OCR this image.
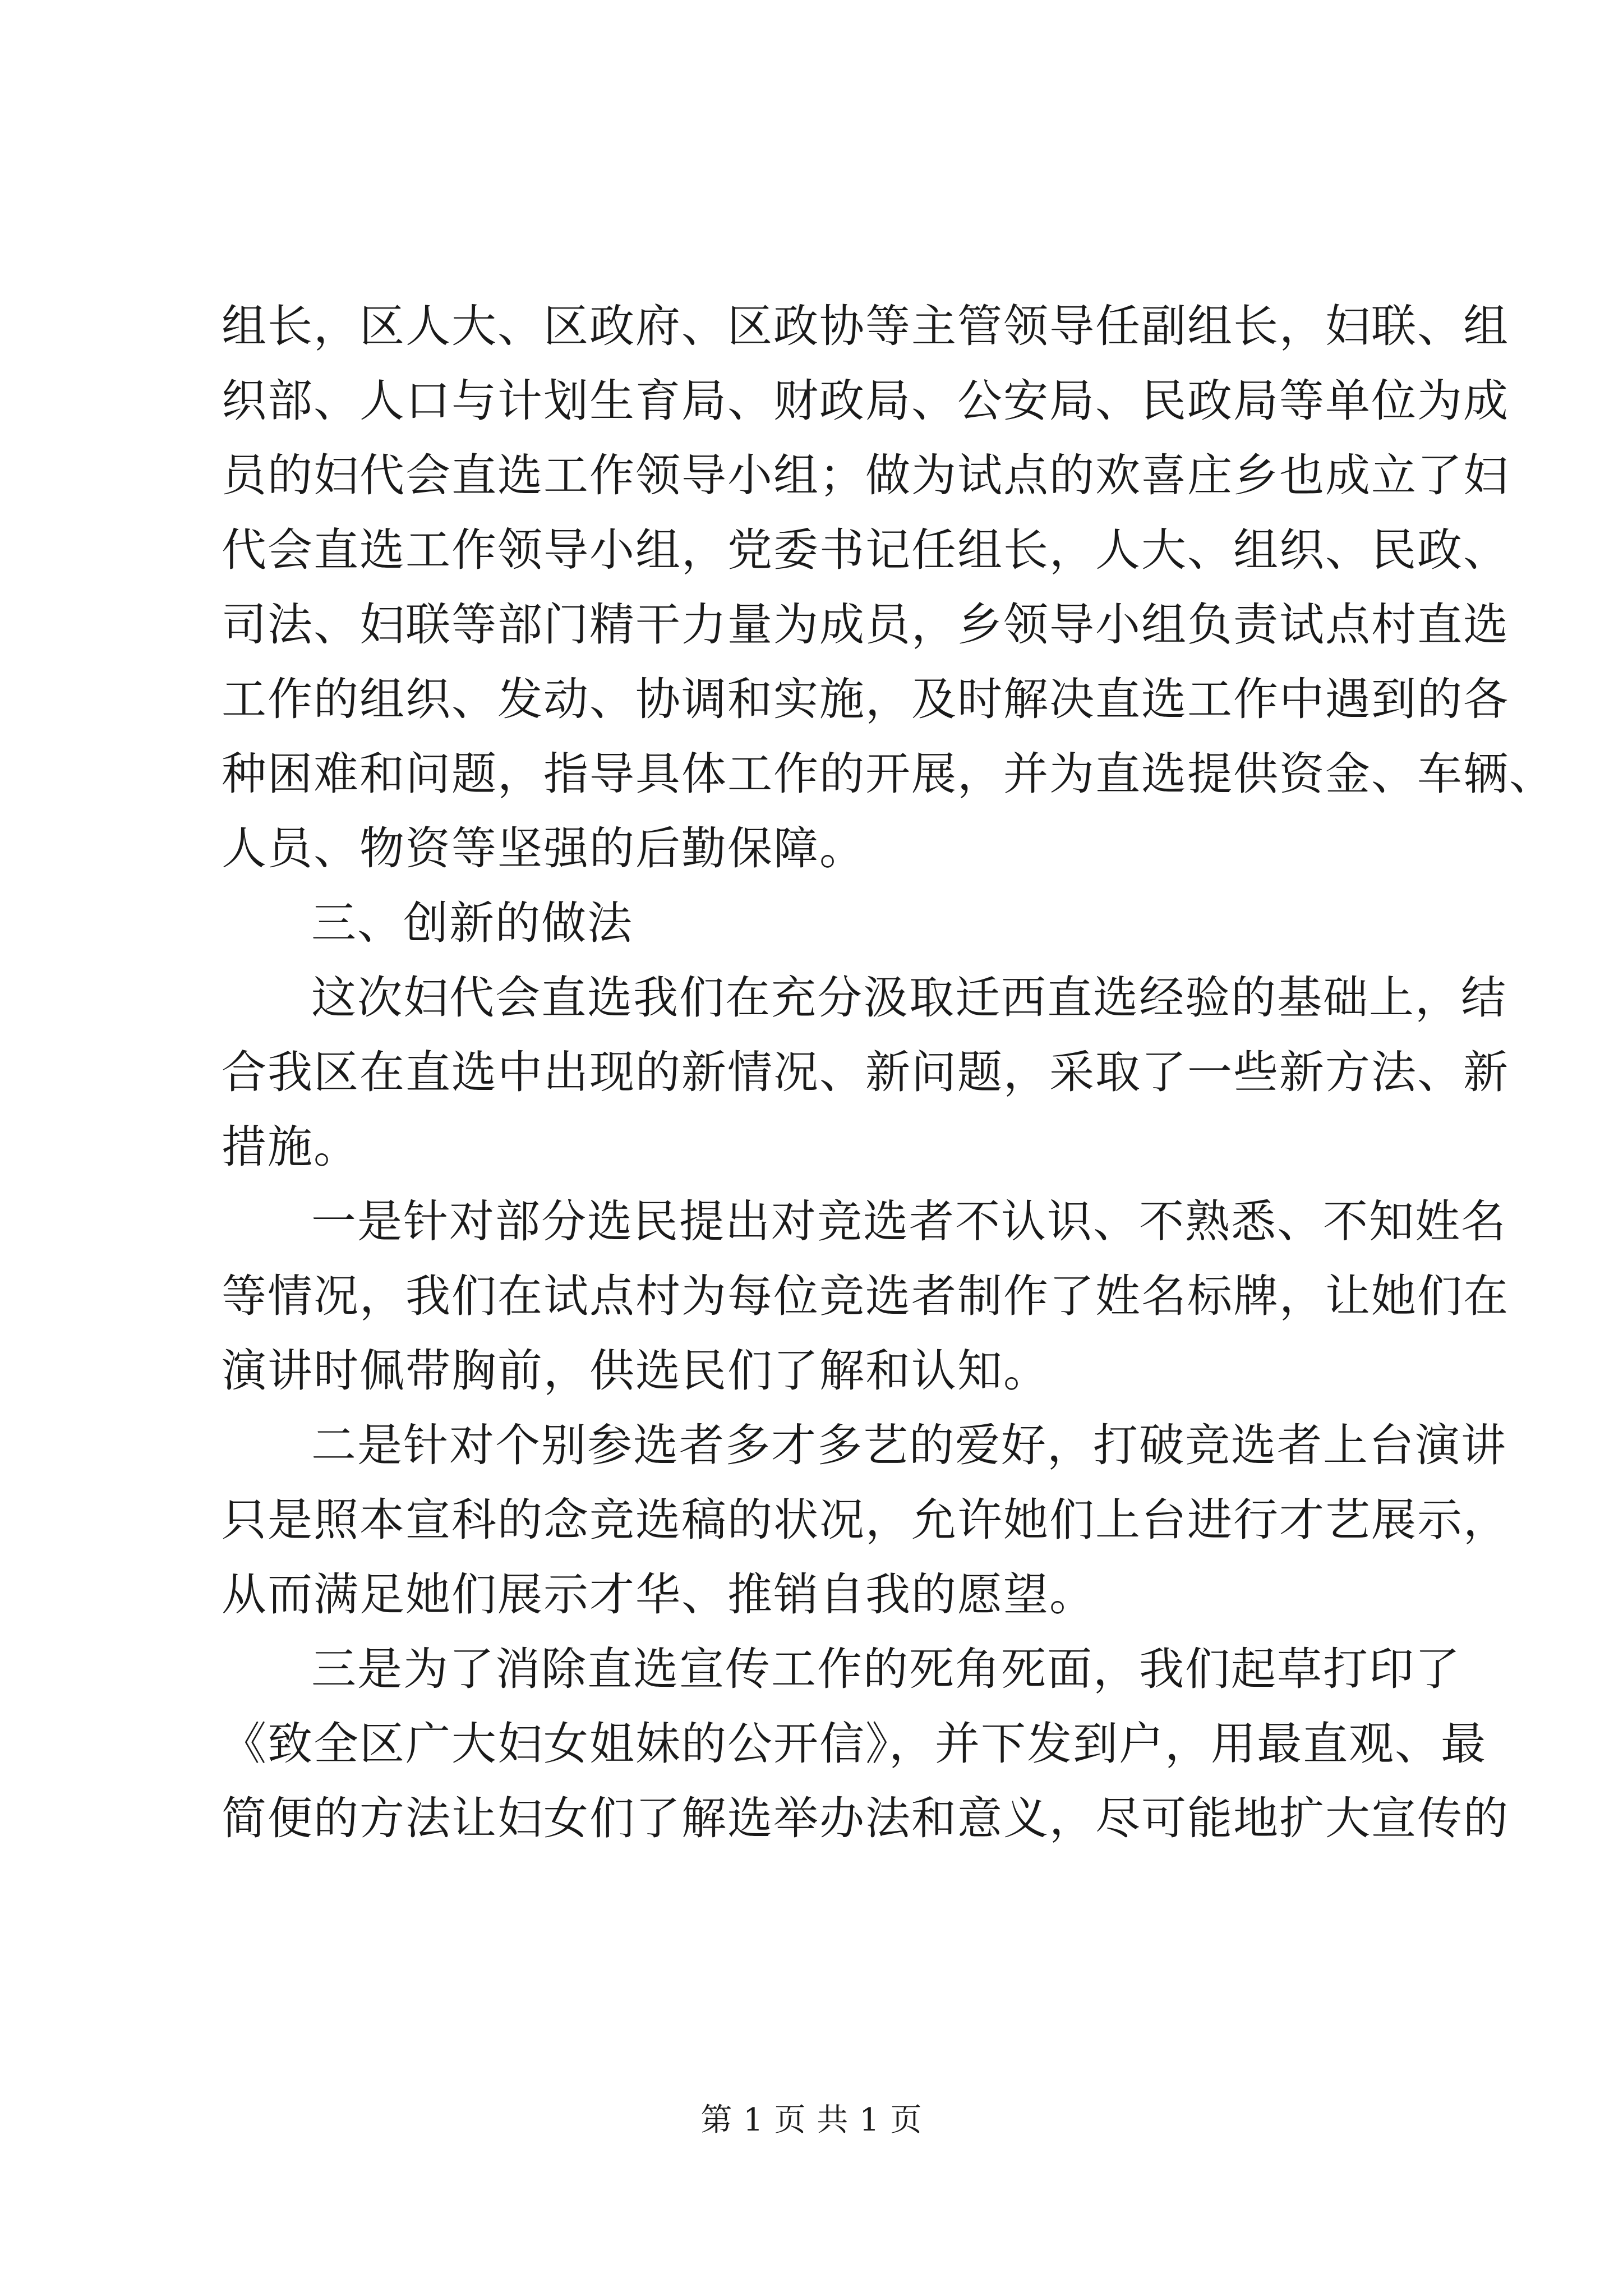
组长，区人大、区政府、区政协等主管领导任副组长，妇联、组
织部、人口与计划生育局、财政局、公安局、民政局等单位为成
员的妇代会直选工作领导小组；做为试点的欢喜庄乡也成立了妇
代会直选工作领导小组，党委书记任组长，人大、组织、民政、
司法、妇联等部门精干力量为成员，乡领导小组负责试点村直选
工作的组织、发动、协调和实施，及时解决直选工作中遇到的各
种困难和问题，指导具体工作的开展，并为直选提供资金、车辆、
人员、物资等坚强的后勤保障。
三、创新的做法
这次妇代会直选我们在充分汲取迁西直选经验的基础上，结
合我区在直选中出现的新情况、新问题，采取了一些新方法、新
措施。
一是针对部分选民提出对竞选者不认识、不熟悉、不知姓名
等情况，我们在试点村为每位竞选者制作了姓名标牌，让她们在
演讲时佩带胸前，供选民们了解和认知。
二是针对个别参选者多才多艺的爱好，打破竞选者上台演讲
只是照本宣科的念竞选稿的状况，允许她们上台进行才艺展示，
从而满足她们展示才华、推销自我的愿望。
三是为了消除直选宣传工作的死角死面，我们起草打印了
《致全区广大妇女姐妹的公开信》，并下发到户，用最直观、最
简便的方法让妇女们了解选举办法和意义，尽可能地扩大宣传的
第 1 页 共 1 页
